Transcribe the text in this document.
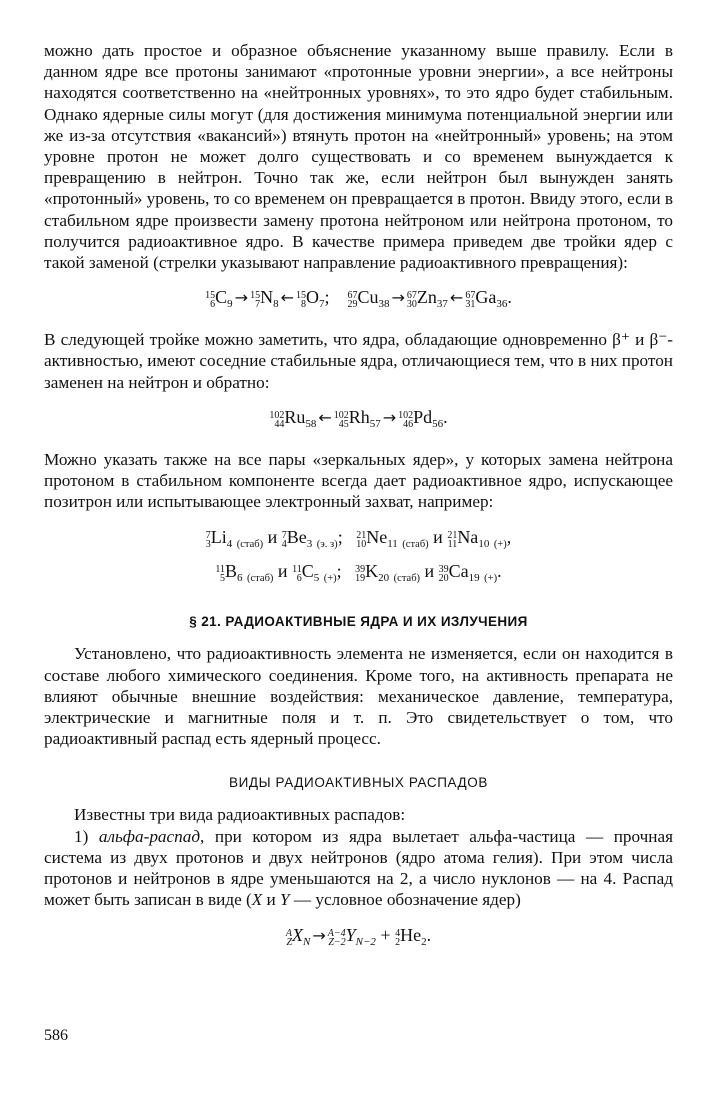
можно дать простое и образное объяснение указанному выше правилу. Если в данном ядре все протоны занимают «протонные уровни энергии», а все нейтроны находятся соответственно на «нейтронных уровнях», то это ядро будет стабильным. Однако ядерные силы могут (для достижения минимума потенциальной энергии или же из-за отсутствия «вакансий») втянуть протон на «нейтронный» уровень; на этом уровне протон не может долго существовать и со временем вынуждается к превращению в нейтрон. Точно так же, если нейтрон был вынужден занять «протонный» уровень, то со временем он превращается в протон. Ввиду этого, если в стабильном ядре произвести замену протона нейтроном или нейтрона протоном, то получится радиоактивное ядро. В качестве примера приведем две тройки ядер с такой заменой (стрелки указывают направление радиоактивного превращения):

15
6 $C_9 \to 15$
7 $N_8$ ← 15
8 $O_7$; 67
29 $Cu_{38} \to 67$
30 $Zn_{37}$ ← 67
31 $Ga_{36}$.

В следующей тройке можно заметить, что ядра, обладающие одновременно β⁺ и β⁻-активностью, имеют соседние стабильные ядра, отличающиеся тем, что в них протон заменен на нейтрон и обратно:

102
44 $Ru_{58}$ ← 102
45 $Rh_{57} \to 102$
46 $Pd_{56}$.

Можно указать также на все пары «зеркальных ядер», у которых замена нейтрона протоном в стабильном компоненте всегда дает радиоактивное ядро, испускающее позитрон или испытывающее электронный захват, например:

7
3 $Li_4$ $_{(стаб)}$ и 7
4 $Be_3$ $_{(э. з)}$; 21
10 $Ne_{11}$ $_{(стаб)}$ и 21
11 $Na_{10}$ $_{(+)}$,
11
5 $B_6$ $_{(стаб)}$ и 11
6 $C_5$ $_{(+)}$; 39
19 $K_{20}$ $_{(стаб)}$ и 39
20 $Ca_{19}$ $_{(+)}$.
§ 21. РАДИОАКТИВНЫЕ ЯДРА И ИХ ИЗЛУЧЕНИЯ

Установлено, что радиоактивность элемента не изменяется, если он находится в составе любого химического соединения. Кроме того, на активность препарата не влияют обычные внешние воздействия: механическое давление, температура, электрические и магнитные поля и т. п. Это свидетельствует о том, что радиоактивный распад есть ядерный процесс.

ВИДЫ РАДИОАКТИВНЫХ РАСПАДОВ

Известны три вида радиоактивных распадов:

1) альфа-распад, при котором из ядра вылетает альфа-частица — прочная система из двух протонов и двух нейтронов (ядро атома гелия). При этом числа протонов и нейтронов в ядре уменьшаются на 2, а число нуклонов — на 4. Распад может быть записан в виде (X и Y — условное обозначение ядер)

A
Z $X_N \to A-4$
Z−2 $Y_{N-2} + 4$
2 $He_2$.
586
